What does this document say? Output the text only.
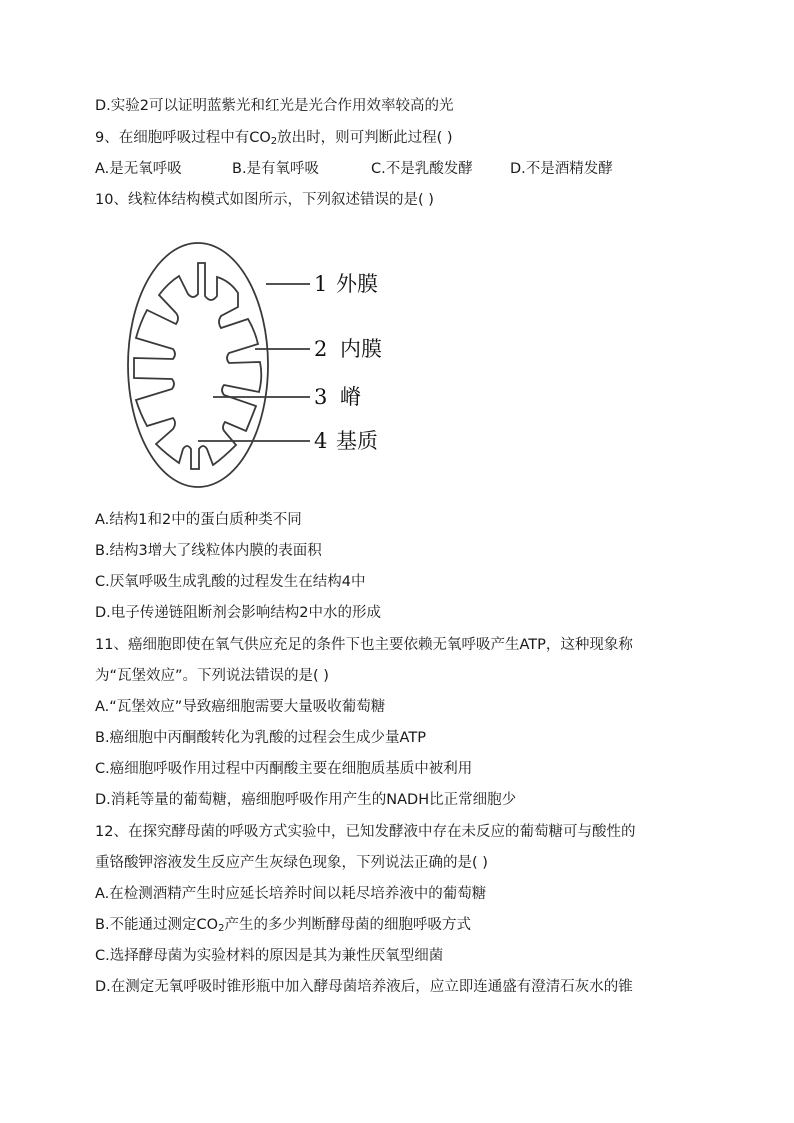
D.实验2可以证明蓝紫光和红光是光合作用效率较高的光
9、在细胞呼吸过程中有$CO_2$放出时，则可判断此过程( )
A.是无氧呼吸	B.是有氧呼吸	C.不是乳酸发酵	D.不是酒精发酵
10、线粒体结构模式如图所示，下列叙述错误的是( )
1 外膜
2 内膜
3 嵴
4 基质
A.结构1和2中的蛋白质种类不同
B.结构3增大了线粒体内膜的表面积
C.厌氧呼吸生成乳酸的过程发生在结构4中
D.电子传递链阻断剂会影响结构2中水的形成
11、癌细胞即使在氧气供应充足的条件下也主要依赖无氧呼吸产生ATP，这种现象称
为“瓦堡效应”。下列说法错误的是( )
A.“瓦堡效应”导致癌细胞需要大量吸收葡萄糖
B.癌细胞中丙酮酸转化为乳酸的过程会生成少量ATP
C.癌细胞呼吸作用过程中丙酮酸主要在细胞质基质中被利用
D.消耗等量的葡萄糖，癌细胞呼吸作用产生的NADH比正常细胞少
12、在探究酵母菌的呼吸方式实验中，已知发酵液中存在未反应的葡萄糖可与酸性的
重铬酸钾溶液发生反应产生灰绿色现象，下列说法正确的是( )
A.在检测酒精产生时应延长培养时间以耗尽培养液中的葡萄糖
B.不能通过测定$CO_2$产生的多少判断酵母菌的细胞呼吸方式
C.选择酵母菌为实验材料的原因是其为兼性厌氧型细菌
D.在测定无氧呼吸时锥形瓶中加入酵母菌培养液后，应立即连通盛有澄清石灰水的锥
